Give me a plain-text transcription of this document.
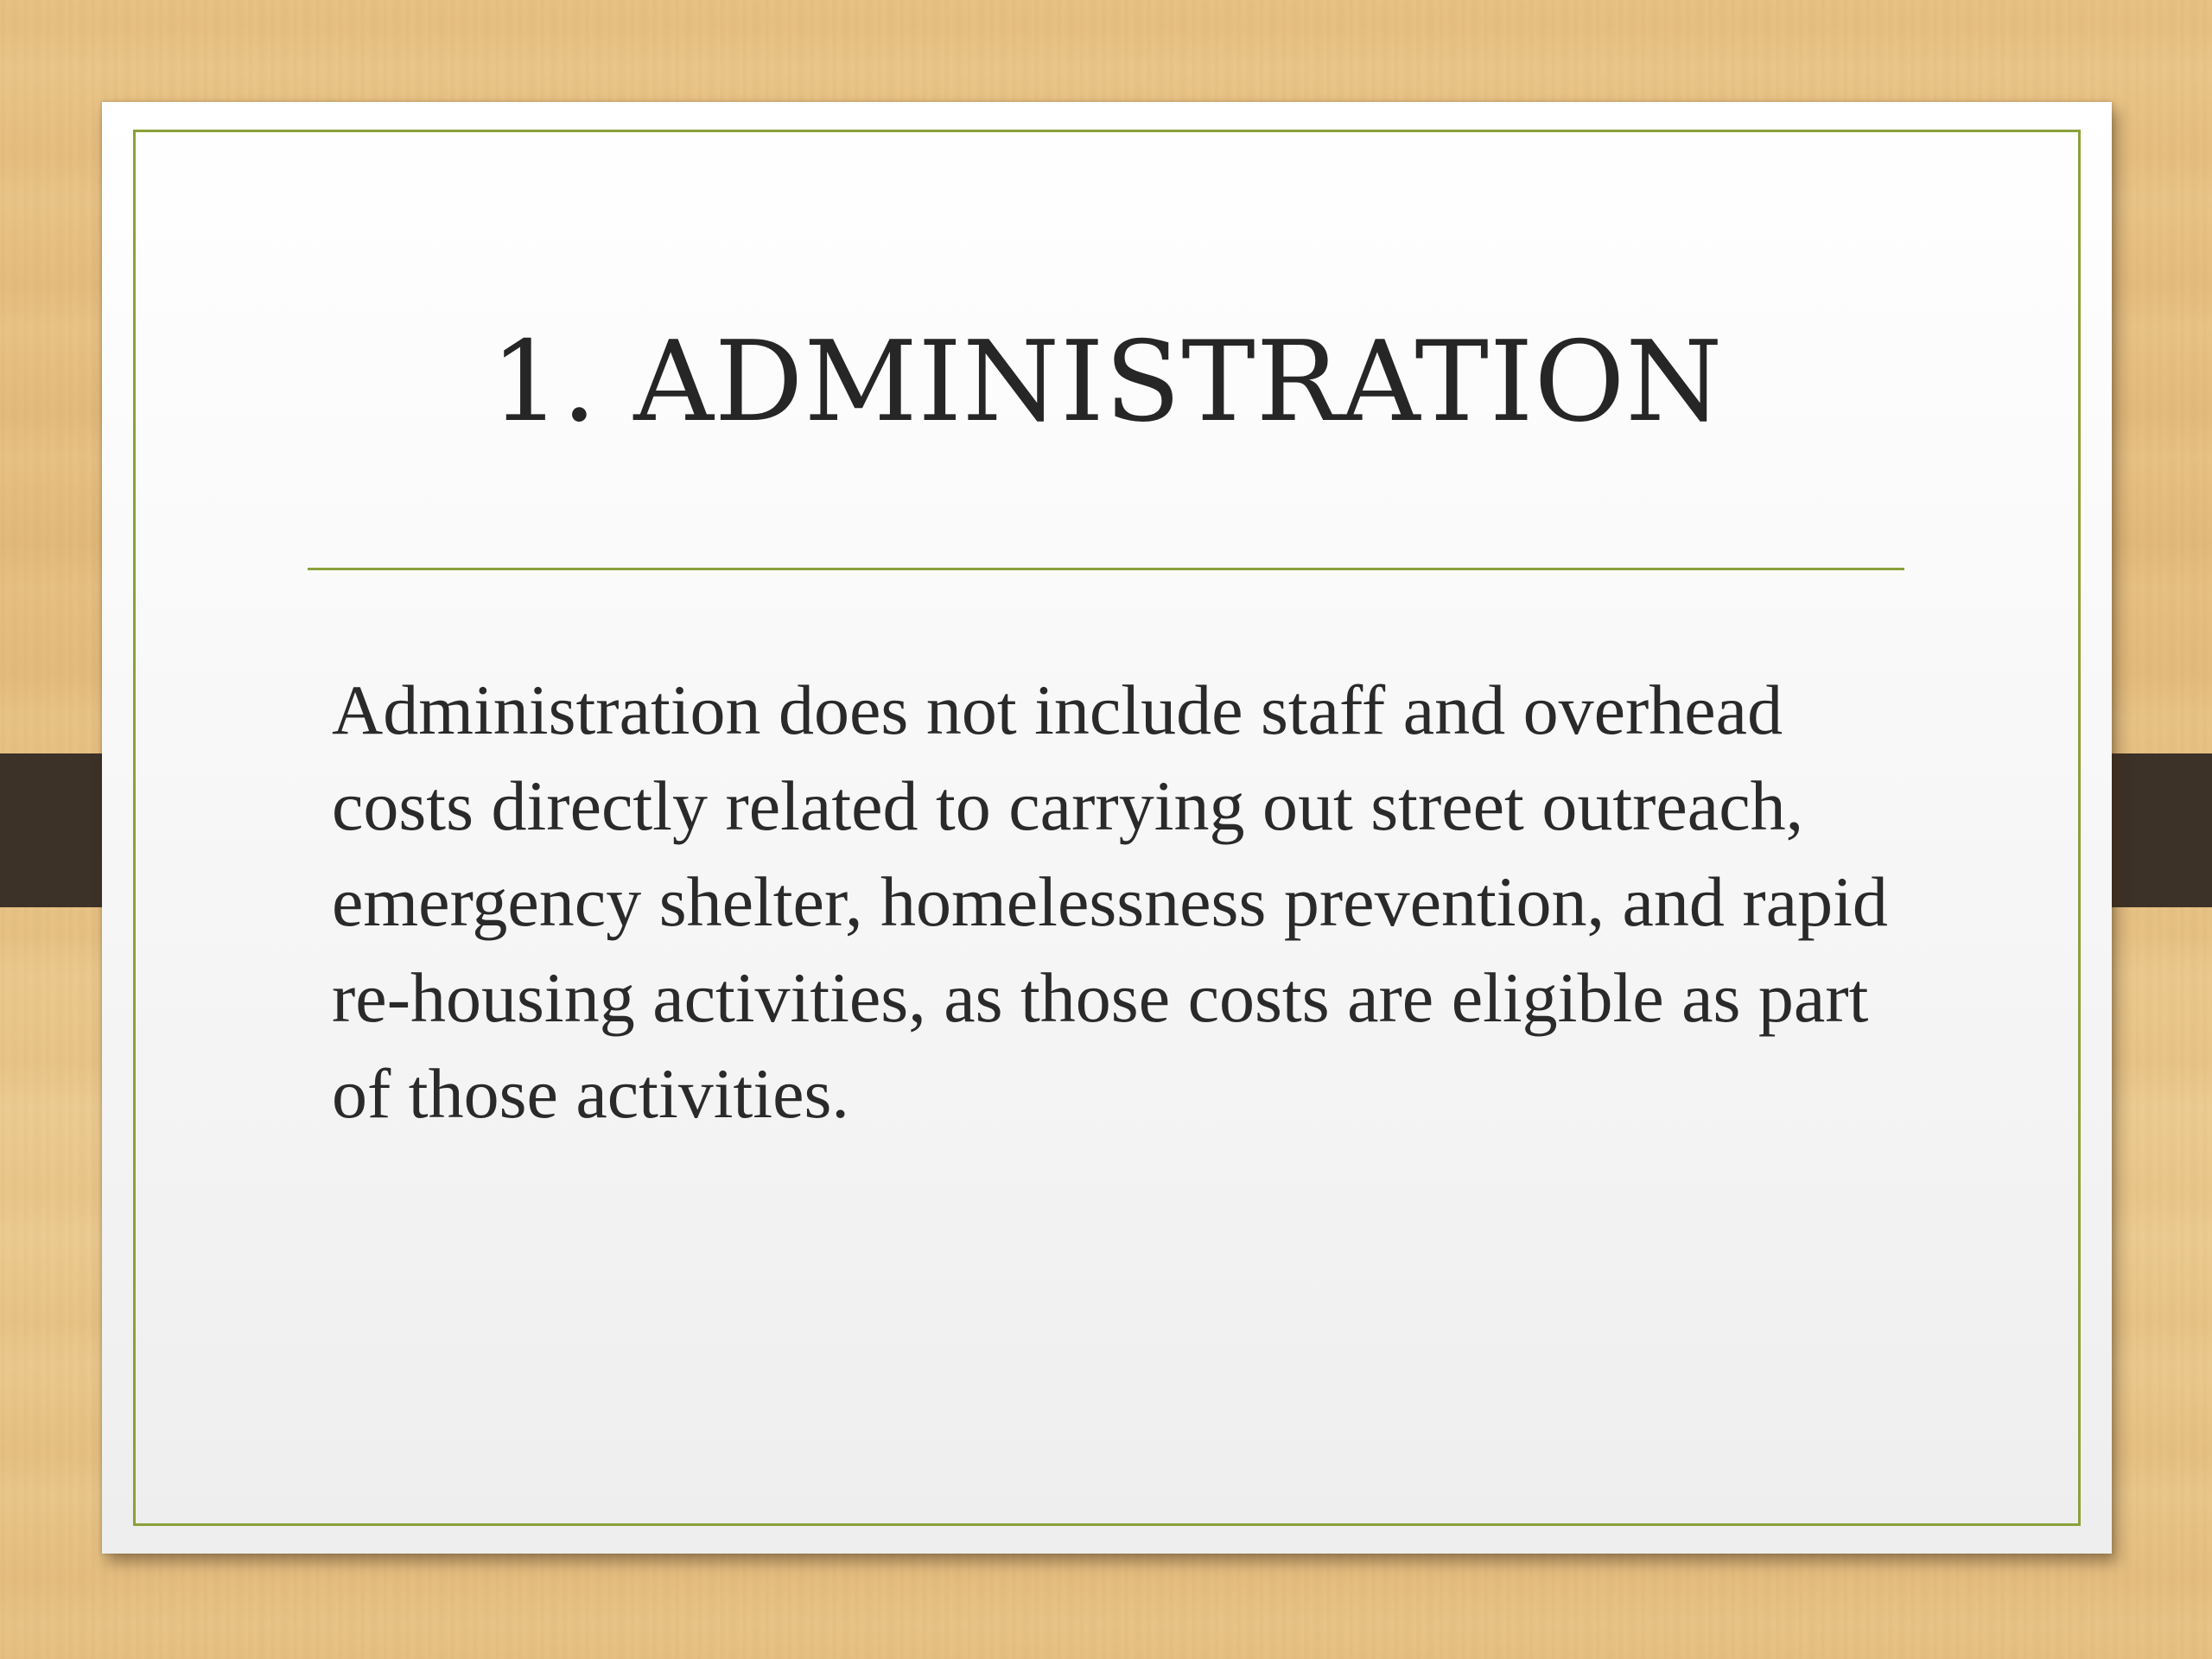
1. ADMINISTRATION

Administration does not include staff and overhead costs directly related to carrying out street outreach, emergency shelter, homelessness prevention, and rapid re-housing activities, as those costs are eligible as part of those activities.
